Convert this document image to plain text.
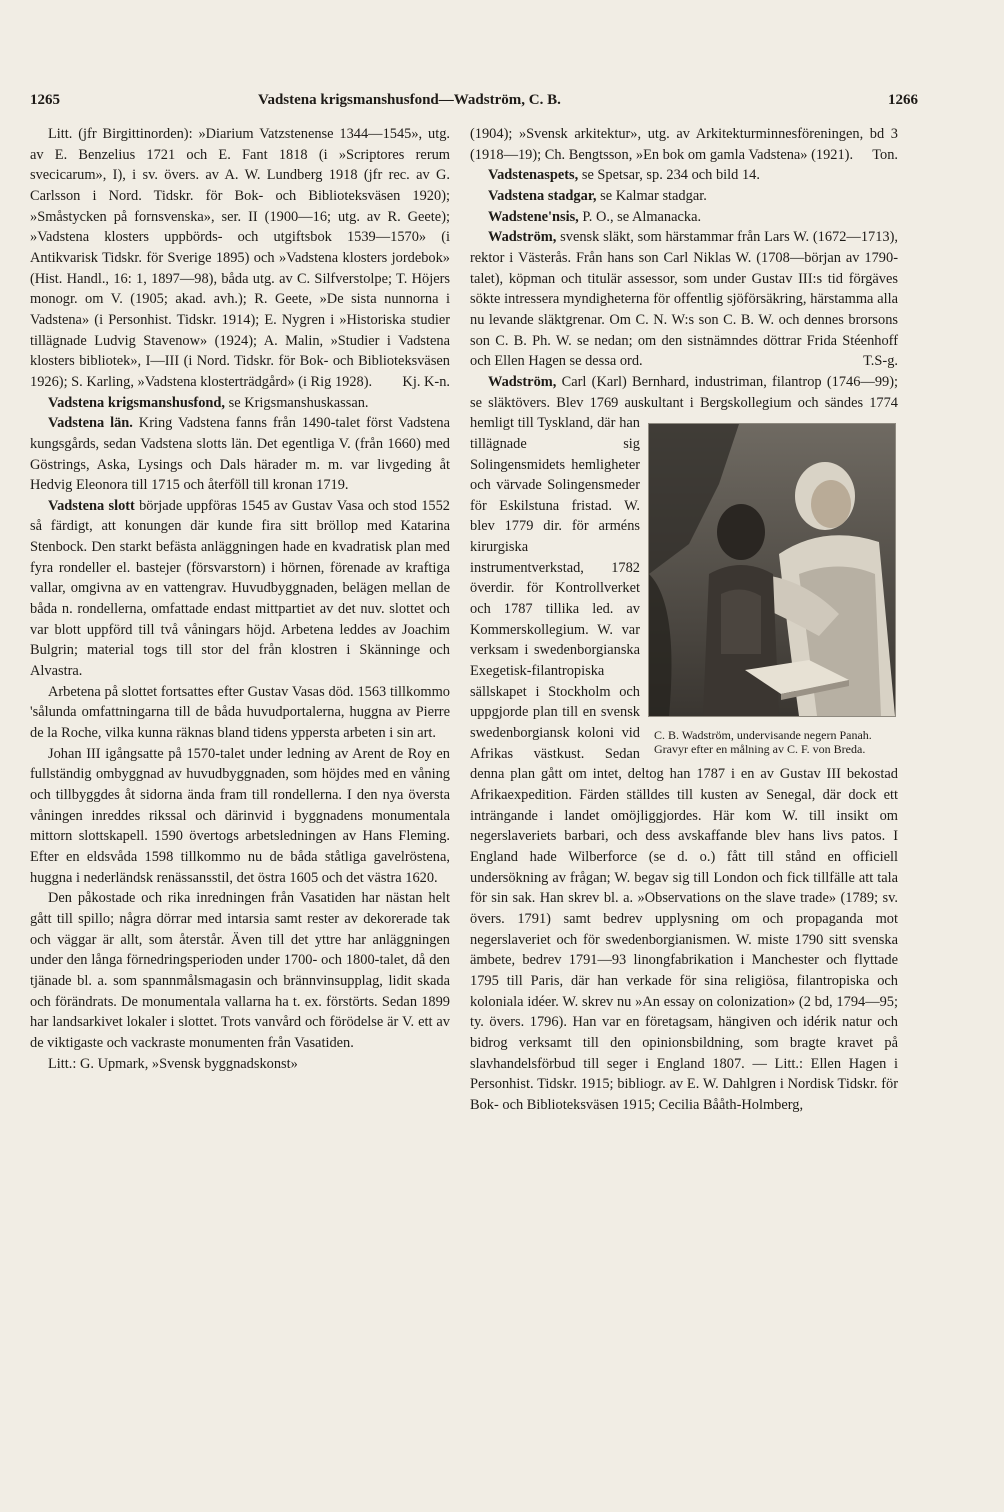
1265	Vadstena krigsmanshusfond—Wadström, C. B.	1266

Litt. (jfr Birgittinorden): »Diarium Vatzstenense 1344—1545», utg. av E. Benzelius 1721 och E. Fant 1818 (i »Scriptores rerum svecicarum», I), i sv. övers. av A. W. Lundberg 1918 (jfr rec. av G. Carlsson i Nord. Tidskr. för Bok- och Biblioteksväsen 1920); »Småstycken på fornsvenska», ser. II (1900—16; utg. av R. Geete); »Vadstena klosters uppbörds- och utgiftsbok 1539—1570» (i Antikvarisk Tidskr. för Sverige 1895) och »Vadstena klosters jordebok» (Hist. Handl., 16: 1, 1897—98), båda utg. av C. Silfverstolpe; T. Höjers monogr. om V. (1905; akad. avh.); R. Geete, »De sista nunnorna i Vadstena» (i Personhist. Tidskr. 1914); E. Nygren i »Historiska studier tillägnade Ludvig Stavenow» (1924); A. Malin, »Studier i Vadstena klosters bibliotek», I—III (i Nord. Tidskr. för Bok- och Biblioteksväsen 1926); S. Karling, »Vadstena klosterträdgård» (i Rig 1928).	Kj. K-n.

Vadstena krigsmanshusfond, se Krigsmanshuskassan.

Vadstena län. Kring Vadstena fanns från 1490-talet först Vadstena kungsgårds, sedan Vadstena slotts län. Det egentliga V. (från 1660) med Göstrings, Aska, Lysings och Dals härader m. m. var livgeding åt Hedvig Eleonora till 1715 och återföll till kronan 1719.

Vadstena slott började uppföras 1545 av Gustav Vasa och stod 1552 så färdigt, att konungen där kunde fira sitt bröllop med Katarina Stenbock. Den starkt befästa anläggningen hade en kvadratisk plan med fyra rondeller el. bastejer (försvarstorn) i hörnen, förenade av kraftiga vallar, omgivna av en vattengrav. Huvudbyggnaden, belägen mellan de båda n. rondellerna, omfattade endast mittpartiet av det nuv. slottet och var blott uppförd till två våningars höjd. Arbetena leddes av Joachim Bulgrin; material togs till stor del från klostren i Skänninge och Alvastra.

Arbetena på slottet fortsattes efter Gustav Vasas död. 1563 tillkommo 'sålunda omfattningarna till de båda huvudportalerna, huggna av Pierre de la Roche, vilka kunna räknas bland tidens yppersta arbeten i sin art.

Johan III igångsatte på 1570-talet under ledning av Arent de Roy en fullständig ombyggnad av huvudbyggnaden, som höjdes med en våning och tillbyggdes åt sidorna ända fram till rondellerna. I den nya översta våningen inreddes rikssal och därinvid i byggnadens monumentala mittorn slottskapell. 1590 övertogs arbetsledningen av Hans Fleming. Efter en eldsvåda 1598 tillkommo nu de båda ståtliga gavelröstena, huggna i nederländsk renässansstil, det östra 1605 och det västra 1620.

Den påkostade och rika inredningen från Vasatiden har nästan helt gått till spillo; några dörrar med intarsia samt rester av dekorerade tak och väggar är allt, som återstår. Även till det yttre har anläggningen under den långa förnedringsperioden under 1700- och 1800-talet, då den tjänade bl. a. som spannmålsmagasin och brännvinsupplag, lidit skada och förändrats. De monumentala vallarna ha t. ex. förstörts. Sedan 1899 har landsarkivet lokaler i slottet. Trots vanvård och förödelse är V. ett av de viktigaste och vackraste monumenten från Vasatiden.

Litt.: G. Upmark, »Svensk byggnadskonst»

(1904); »Svensk arkitektur», utg. av Arkitekturminnesföreningen, bd 3 (1918—19); Ch. Bengtsson, »En bok om gamla Vadstena» (1921). Ton.

Vadstenaspets, se Spetsar, sp. 234 och bild 14.

Vadstena stadgar, se Kalmar stadgar.

Wadstene'nsis, P. O., se Almanacka.

Wadström, svensk släkt, som härstammar från Lars W. (1672—1713), rektor i Västerås. Från hans son Carl Niklas W. (1708—början av 1790-talet), köpman och titulär assessor, som under Gustav III:s tid förgäves sökte intressera myndigheterna för offentlig sjöförsäkring, härstamma alla nu levande släktgrenar. Om C. N. W:s son C. B. W. och dennes brorsons son C. B. Ph. W. se nedan; om den sistnämndes döttrar Frida Stéenhoff och Ellen Hagen se dessa ord.	T.S-g.

Wadström, Carl (Karl) Bernhard, industriman, filantrop (1746—99); se släktövers. Blev 1769 auskultant i Bergskollegium och sändes 1774 hemligt till Tyskland, där han
C. B. Wadström, undervisande negern Panah. Gravyr efter en målning av C. F. von Breda.
tillägnade sig Solingensmidets hemligheter och värvade Solingensmeder för Eskilstuna fristad. W. blev 1779 dir. för arméns kirurgiska instrumentverkstad, 1782 överdir. för Kontrollverket och 1787 tillika led. av Kommerskollegium. W. var verksam i swedenborgianska Exegetisk-filantropiska sällskapet i Stockholm och uppgjorde plan till en svensk swedenborgiansk koloni vid Afrikas västkust. Sedan denna plan gått om intet, deltog han 1787 i en av Gustav III bekostad Afrikaexpedition. Färden ställdes till kusten av Senegal, där dock ett inträngande i landet omöjliggjordes. Här kom W. till insikt om negerslaveriets barbari, och dess avskaffande blev hans livs patos. I England hade Wilberforce (se d. o.) fått till stånd en officiell undersökning av frågan; W. begav sig till London och fick tillfälle att tala för sin sak. Han skrev bl. a. »Observations on the slave trade» (1789; sv. övers. 1791) samt bedrev upplysning om och propaganda mot negerslaveriet och för swedenborgianismen. W. miste 1790 sitt svenska ämbete, bedrev 1791—93 linongfabrikation i Manchester och flyttade 1795 till Paris, där han verkade för sina religiösa, filantropiska och koloniala idéer. W. skrev nu »An essay on colonization» (2 bd, 1794—95; ty. övers. 1796). Han var en företagsam, hängiven och idérik natur och bidrog verksamt till den opinionsbildning, som bragte kravet på slavhandelsförbud till seger i England 1807. — Litt.: Ellen Hagen i Personhist. Tidskr. 1915; bibliogr. av E. W. Dahlgren i Nordisk Tidskr. för Bok- och Biblioteksväsen 1915; Cecilia Bååth-Holmberg,
